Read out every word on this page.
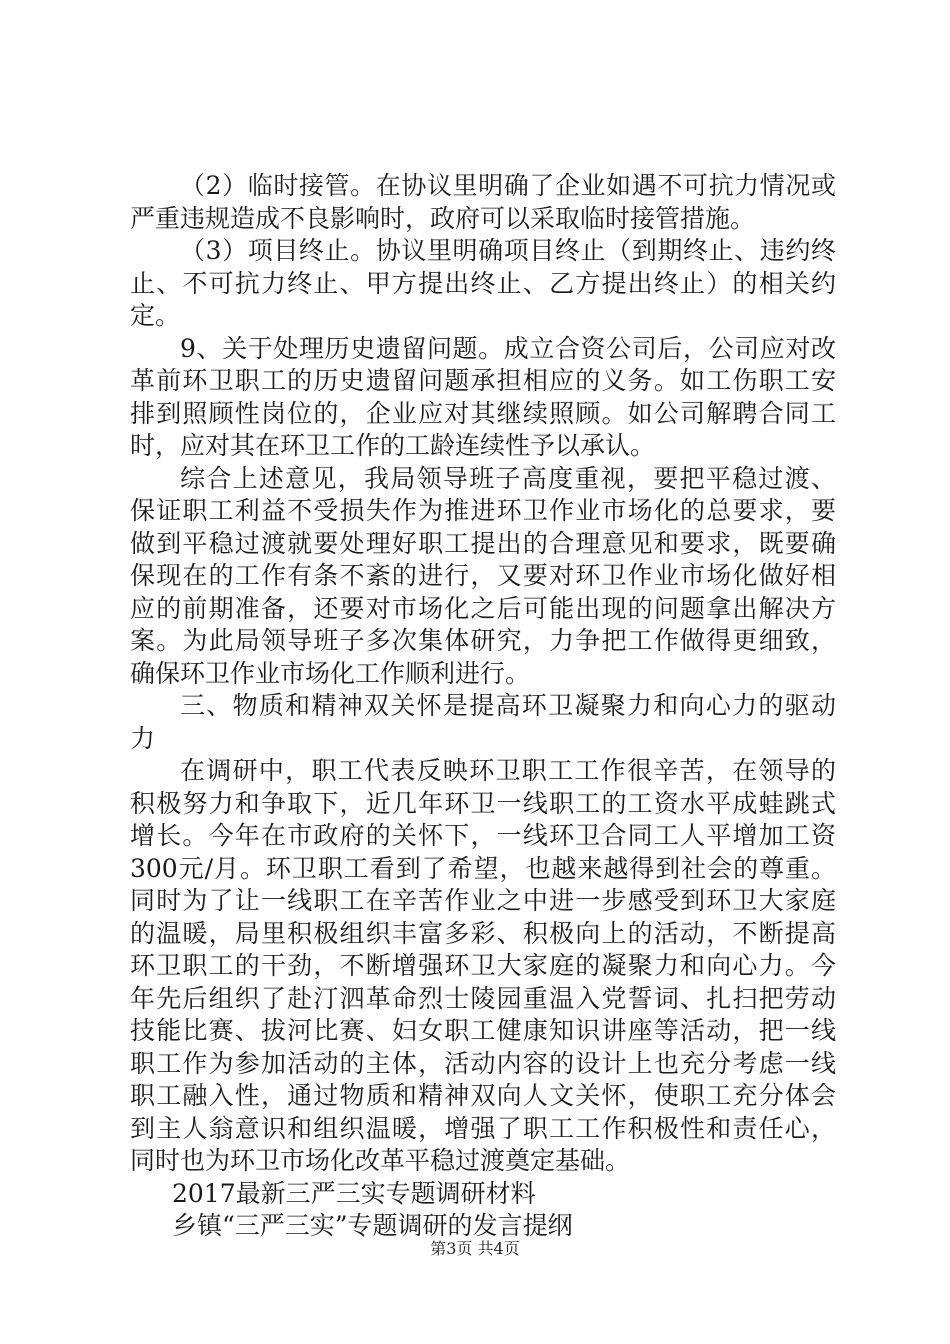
（2）临时接管。在协议里明确了企业如遇不可抗力情况或
严重违规造成不良影响时，政府可以采取临时接管措施。
（3）项目终止。协议里明确项目终止（到期终止、违约终
止、不可抗力终止、甲方提出终止、乙方提出终止）的相关约
定。
9、关于处理历史遗留问题。成立合资公司后，公司应对改
革前环卫职工的历史遗留问题承担相应的义务。如工伤职工安
排到照顾性岗位的，企业应对其继续照顾。如公司解聘合同工
时，应对其在环卫工作的工龄连续性予以承认。
综合上述意见，我局领导班子高度重视，要把平稳过渡、
保证职工利益不受损失作为推进环卫作业市场化的总要求，要
做到平稳过渡就要处理好职工提出的合理意见和要求，既要确
保现在的工作有条不紊的进行，又要对环卫作业市场化做好相
应的前期准备，还要对市场化之后可能出现的问题拿出解决方
案。为此局领导班子多次集体研究，力争把工作做得更细致，
确保环卫作业市场化工作顺利进行。
三、物质和精神双关怀是提高环卫凝聚力和向心力的驱动
力
在调研中，职工代表反映环卫职工工作很辛苦，在领导的
积极努力和争取下，近几年环卫一线职工的工资水平成蛙跳式
增长。今年在市政府的关怀下，一线环卫合同工人平增加工资
300元/月。环卫职工看到了希望，也越来越得到社会的尊重。
同时为了让一线职工在辛苦作业之中进一步感受到环卫大家庭
的温暖，局里积极组织丰富多彩、积极向上的活动，不断提高
环卫职工的干劲，不断增强环卫大家庭的凝聚力和向心力。今
年先后组织了赴汀泗革命烈士陵园重温入党誓词、扎扫把劳动
技能比赛、拔河比赛、妇女职工健康知识讲座等活动，把一线
职工作为参加活动的主体，活动内容的设计上也充分考虑一线
职工融入性，通过物质和精神双向人文关怀，使职工充分体会
到主人翁意识和组织温暖，增强了职工工作积极性和责任心，
同时也为环卫市场化改革平稳过渡奠定基础。
2017最新三严三实专题调研材料
乡镇“三严三实”专题调研的发言提纲
第3页 共4页
